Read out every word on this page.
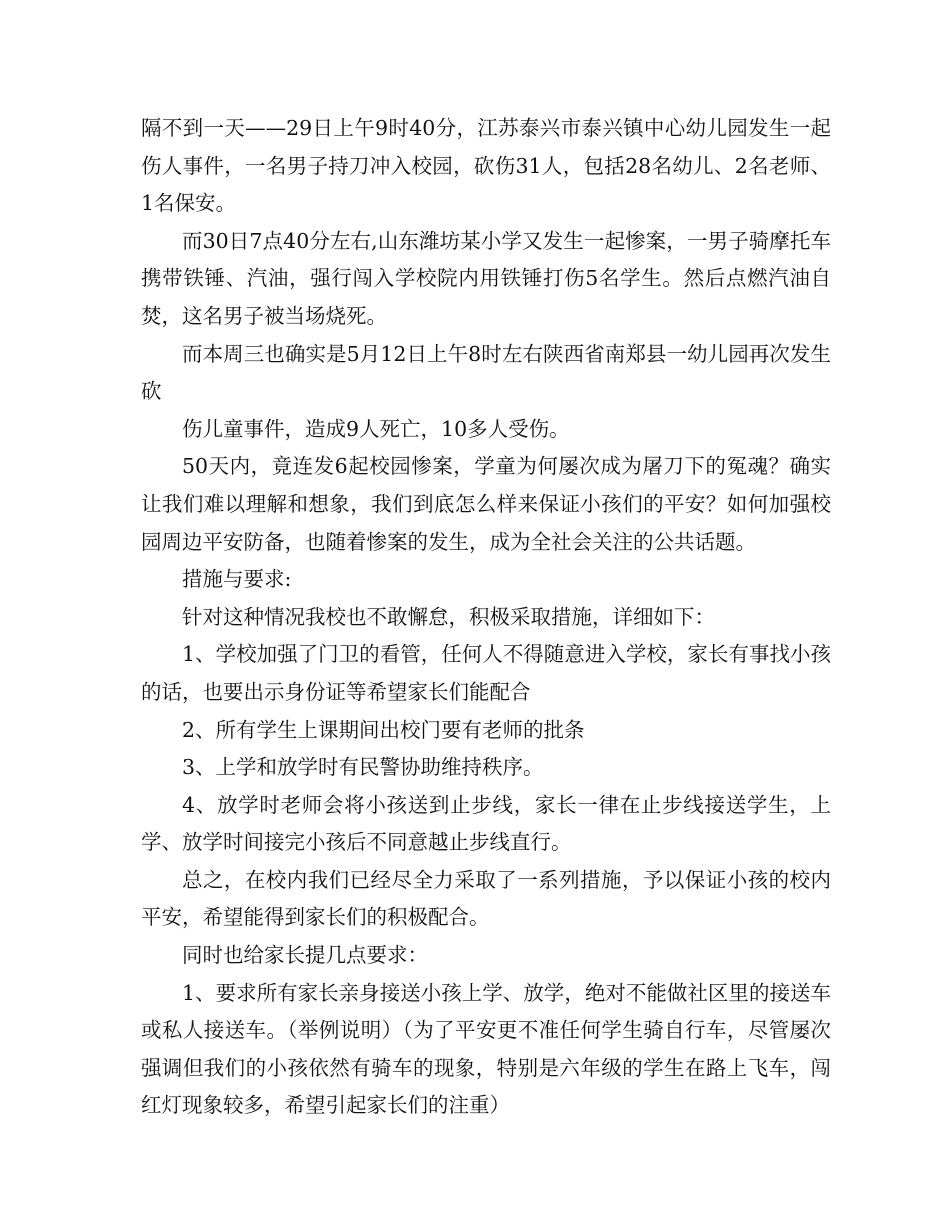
隔不到一天——29日上午9时40分，江苏泰兴市泰兴镇中心幼儿园发生一起伤人事件，一名男子持刀冲入校园，砍伤31人，包括28名幼儿、2名老师、1名保安。

而30日7点40分左右,山东潍坊某小学又发生一起惨案，一男子骑摩托车携带铁锤、汽油，强行闯入学校院内用铁锤打伤5名学生。然后点燃汽油自焚，这名男子被当场烧死。

而本周三也确实是5月12日上午8时左右陕西省南郑县一幼儿园再次发生砍

伤儿童事件，造成9人死亡，10多人受伤。

50天内，竟连发6起校园惨案，学童为何屡次成为屠刀下的冤魂？确实让我们难以理解和想象，我们到底怎么样来保证小孩们的平安？如何加强校园周边平安防备，也随着惨案的发生，成为全社会关注的公共话题。

措施与要求:

针对这种情况我校也不敢懈怠，积极采取措施，详细如下：

1、学校加强了门卫的看管，任何人不得随意进入学校，家长有事找小孩的话，也要出示身份证等希望家长们能配合

2、所有学生上课期间出校门要有老师的批条

3、上学和放学时有民警协助维持秩序。

4、放学时老师会将小孩送到止步线，家长一律在止步线接送学生，上学、放学时间接完小孩后不同意越止步线直行。

总之，在校内我们已经尽全力采取了一系列措施，予以保证小孩的校内平安，希望能得到家长们的积极配合。

同时也给家长提几点要求：

1、要求所有家长亲身接送小孩上学、放学，绝对不能做社区里的接送车或私人接送车。（举例说明）（为了平安更不准任何学生骑自行车，尽管屡次强调但我们的小孩依然有骑车的现象，特别是六年级的学生在路上飞车，闯红灯现象较多，希望引起家长们的注重）
